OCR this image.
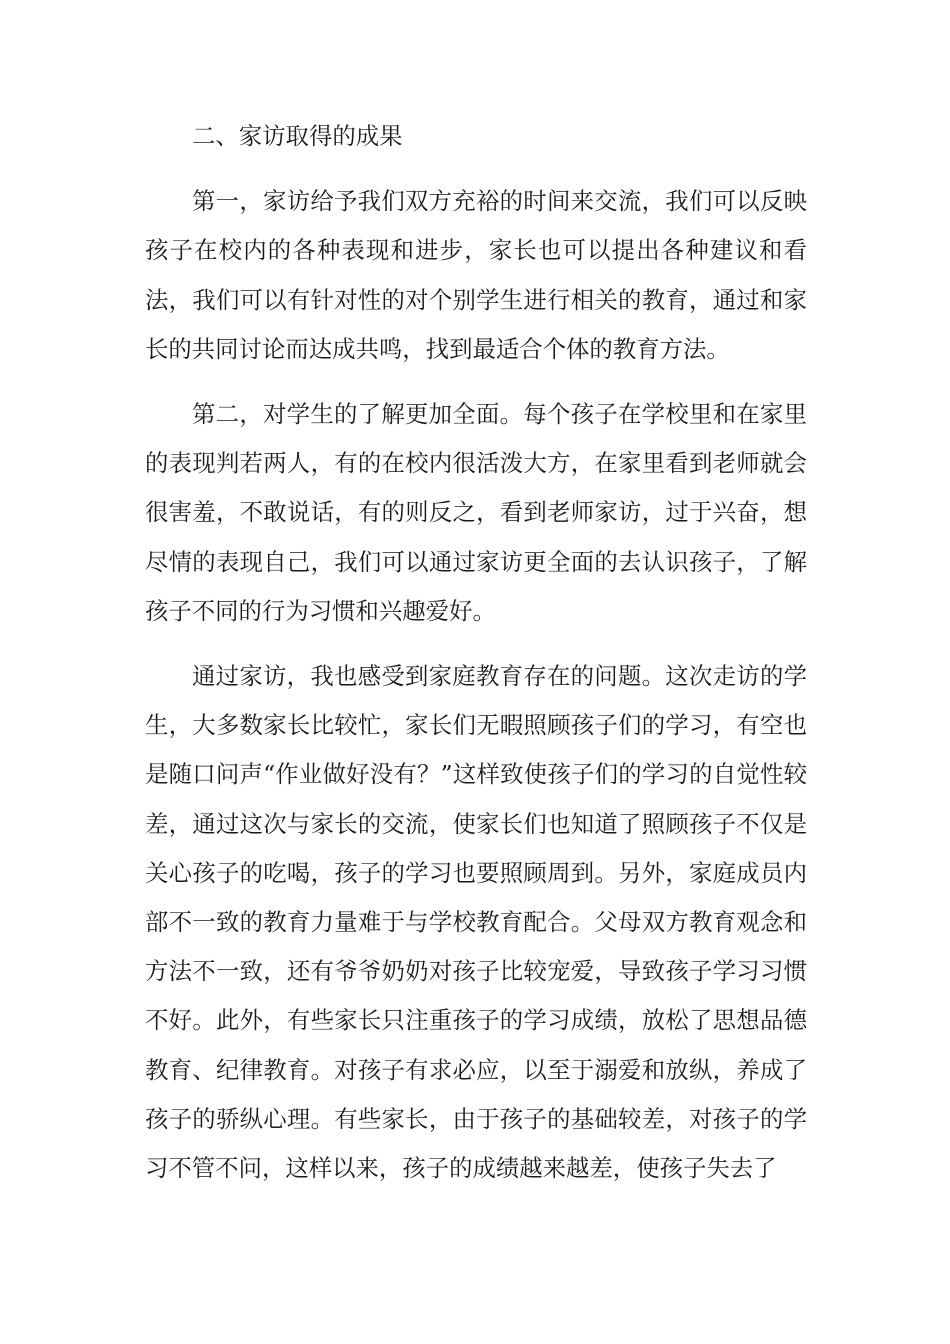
二、家访取得的成果

第一，家访给予我们双方充裕的时间来交流，我们可以反映孩子在校内的各种表现和进步，家长也可以提出各种建议和看法，我们可以有针对性的对个别学生进行相关的教育，通过和家长的共同讨论而达成共鸣，找到最适合个体的教育方法。

第二，对学生的了解更加全面。每个孩子在学校里和在家里的表现判若两人，有的在校内很活泼大方，在家里看到老师就会很害羞，不敢说话，有的则反之，看到老师家访，过于兴奋，想尽情的表现自己，我们可以通过家访更全面的去认识孩子，了解孩子不同的行为习惯和兴趣爱好。

通过家访，我也感受到家庭教育存在的问题。这次走访的学生，大多数家长比较忙，家长们无暇照顾孩子们的学习，有空也是随口问声“作业做好没有？”这样致使孩子们的学习的自觉性较差，通过这次与家长的交流，使家长们也知道了照顾孩子不仅是关心孩子的吃喝，孩子的学习也要照顾周到。另外，家庭成员内部不一致的教育力量难于与学校教育配合。父母双方教育观念和方法不一致，还有爷爷奶奶对孩子比较宠爱，导致孩子学习习惯不好。此外，有些家长只注重孩子的学习成绩，放松了思想品德教育、纪律教育。对孩子有求必应，以至于溺爱和放纵，养成了孩子的骄纵心理。有些家长，由于孩子的基础较差，对孩子的学习不管不问，这样以来，孩子的成绩越来越差，使孩子失去了
